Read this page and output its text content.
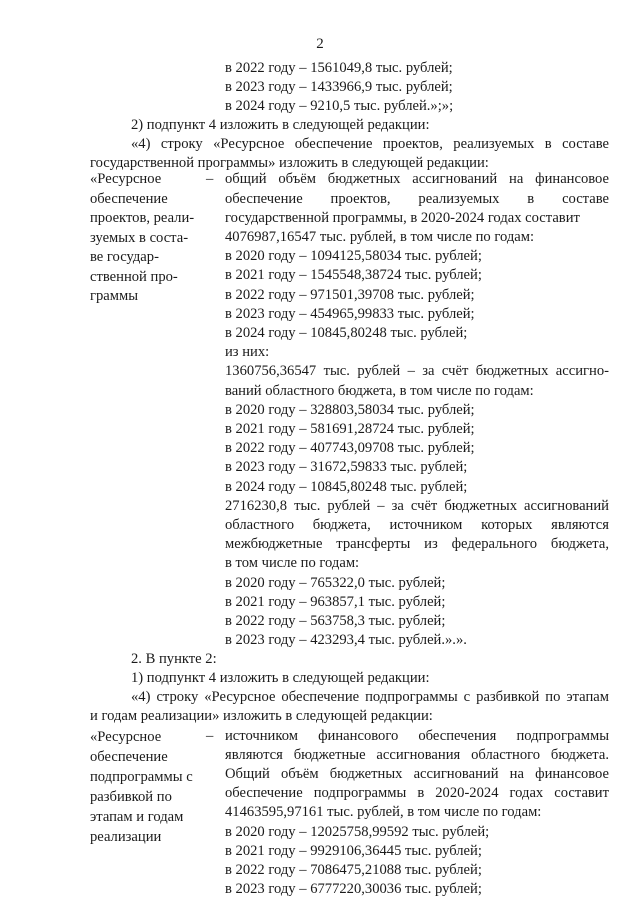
2
в 2022 году – 1561049,8 тыс. рублей;
в 2023 году – 1433966,9 тыс. рублей;
в 2024 году – 9210,5 тыс. рублей.»;»;
2) подпункт 4 изложить в следующей редакции:
«4) строку «Ресурсное обеспечение проектов, реализуемых в составе
государственной программы» изложить в следующей редакции:
«Ресурсное
обеспечение
проектов, реали-
зуемых в соста-
ве государ-
ственной про-
граммы
– общий объём бюджетных ассигнований на финансовое
обеспечение проектов, реализуемых в составе
государственной программы, в 2020-2024 годах составит
4076987,16547 тыс. рублей, в том числе по годам:
в 2020 году – 1094125,58034 тыс. рублей;
в 2021 году – 1545548,38724 тыс. рублей;
в 2022 году – 971501,39708 тыс. рублей;
в 2023 году – 454965,99833 тыс. рублей;
в 2024 году – 10845,80248 тыс. рублей;
из них:
1360756,36547 тыс. рублей – за счёт бюджетных ассигно-
ваний областного бюджета, в том числе по годам:
в 2020 году – 328803,58034 тыс. рублей;
в 2021 году – 581691,28724 тыс. рублей;
в 2022 году – 407743,09708 тыс. рублей;
в 2023 году – 31672,59833 тыс. рублей;
в 2024 году – 10845,80248 тыс. рублей;
2716230,8 тыс. рублей – за счёт бюджетных ассигнований
областного бюджета, источником которых являются
межбюджетные трансферты из федерального бюджета,
в том числе по годам:
в 2020 году – 765322,0 тыс. рублей;
в 2021 году – 963857,1 тыс. рублей;
в 2022 году – 563758,3 тыс. рублей;
в 2023 году – 423293,4 тыс. рублей.».».
2. В пункте 2:
1) подпункт 4 изложить в следующей редакции:
«4) строку «Ресурсное обеспечение подпрограммы с разбивкой по этапам
и годам реализации» изложить в следующей редакции:
«Ресурсное
обеспечение
подпрограммы с
разбивкой по
этапам и годам
реализации
– источником финансового обеспечения подпрограммы
являются бюджетные ассигнования областного бюджета.
Общий объём бюджетных ассигнований на финансовое
обеспечение подпрограммы в 2020-2024 годах составит
41463595,97161 тыс. рублей, в том числе по годам:
в 2020 году – 12025758,99592 тыс. рублей;
в 2021 году – 9929106,36445 тыс. рублей;
в 2022 году – 7086475,21088 тыс. рублей;
в 2023 году – 6777220,30036 тыс. рублей;
